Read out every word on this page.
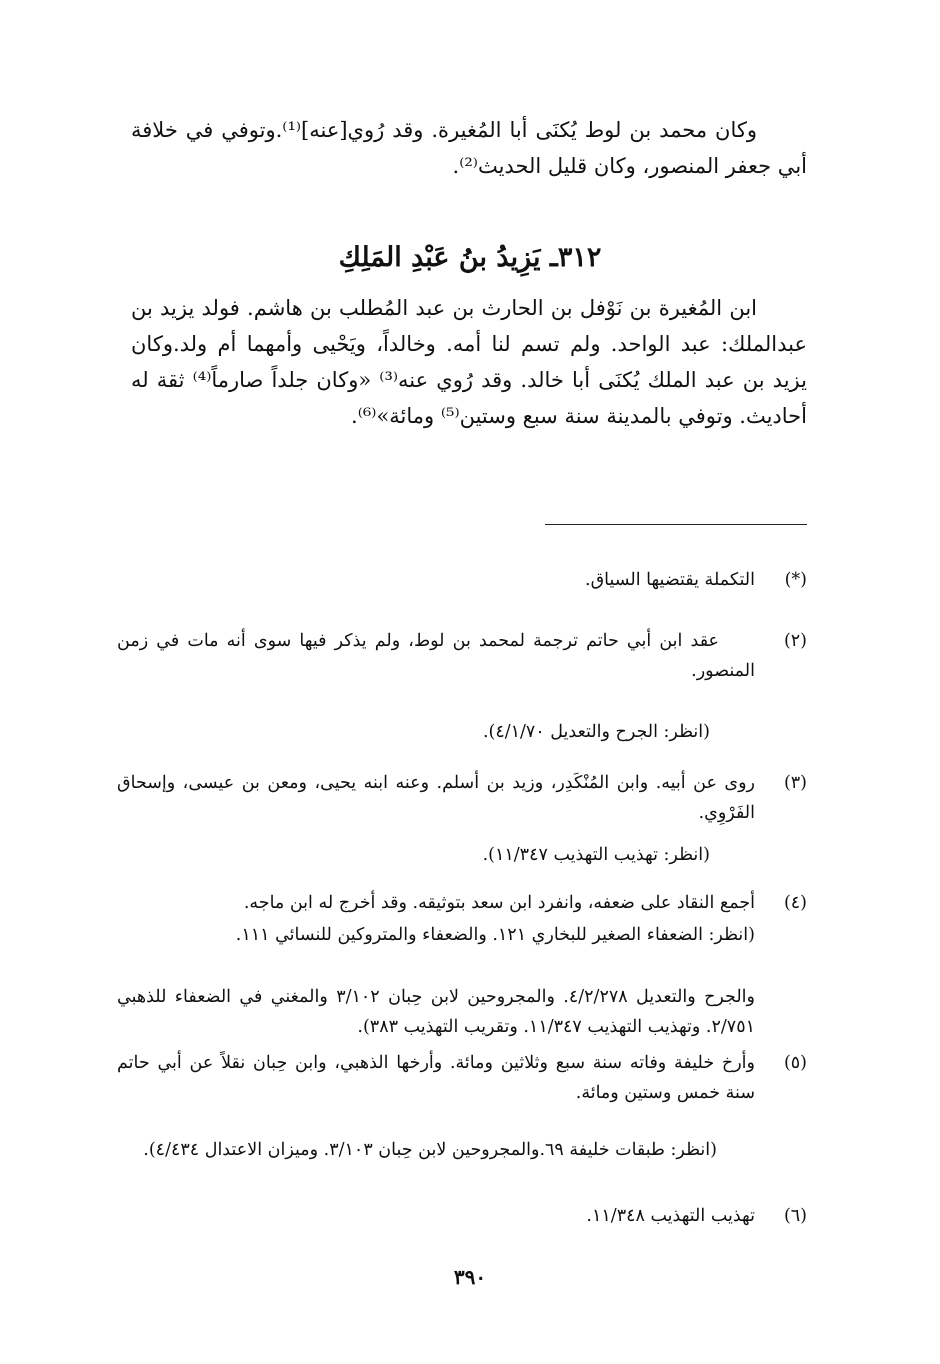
وكان محمد بن لوط يُكنَى أبا المُغيرة. وقد رُوي[عنه]⁽¹⁾.وتوفي في خلافة أبي جعفر المنصور، وكان قليل الحديث⁽²⁾.

٣١٢ـ يَزِيدُ بنُ عَبْدِ المَلِكِ

ابن المُغيرة بن نَوْفل بن الحارث بن عبد المُطلب بن هاشم. فولد يزيد بن عبدالملك: عبد الواحد. ولم تسم لنا أمه. وخالداً، ويَحْيى وأمهما أم ولد.وكان يزيد بن عبد الملك يُكنَى أبا خالد. وقد رُوي عنه⁽³⁾ «وكان جلداً صارماً⁽⁴⁾ ثقة له أحاديث. وتوفي بالمدينة سنة سبع وستين⁽⁵⁾ ومائة»⁽⁶⁾.

(*)
التكملة يقتضيها السياق.
(٢)
عقد ابن أبي حاتم ترجمة لمحمد بن لوط، ولم يذكر فيها سوى أنه مات في زمن المنصور.
(انظر: الجرح والتعديل ٤/١/٧٠).
(٣)
روى عن أبيه. وابن المُنْكَدِر، وزيد بن أسلم. وعنه ابنه يحيى، ومعن بن عيسى، وإسحاق الفَرْوِي.
(انظر: تهذيب التهذيب ١١/٣٤٧).
(٤)
أجمع النقاد على ضعفه، وانفرد ابن سعد بتوثيقه. وقد أخرج له ابن ماجه.
(انظر: الضعفاء الصغير للبخاري ١٢١. والضعفاء والمتروكين للنسائي ١١١.
والجرح والتعديل ٤/٢/٢٧٨. والمجروحين لابن حِبان ٣/١٠٢ والمغني في الضعفاء للذهبي ٢/٧٥١. وتهذيب التهذيب ١١/٣٤٧. وتقريب التهذيب ٣٨٣).
(٥)
وأرخ خليفة وفاته سنة سبع وثلاثين ومائة. وأرخها الذهبي، وابن حِبان نقلاً عن أبي حاتم سنة خمس وستين ومائة.
(انظر: طبقات خليفة ٦٩.والمجروحين لابن حِبان ٣/١٠٣. وميزان الاعتدال ٤/٤٣٤).
(٦)
تهذيب التهذيب ١١/٣٤٨.
٣٩٠
